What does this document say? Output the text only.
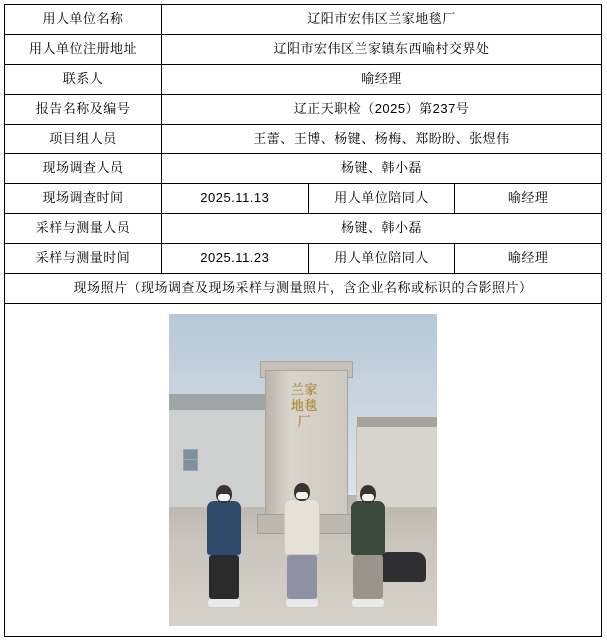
用人单位名称	辽阳市宏伟区兰家地毯厂		
用人单位注册地址	辽阳市宏伟区兰家镇东西喻村交界处		
联系人	喻经理		
报告名称及编号	辽正天职检（2025）第237号		
项目组人员	王蕾、王博、杨键、杨梅、郑盼盼、张煜伟		
现场调查人员	杨键、韩小磊		
现场调查时间	2025.11.13	用人单位陪同人	喻经理
采样与测量人员	杨键、韩小磊		
采样与测量时间	2025.11.23	用人单位陪同人	喻经理
现场照片（现场调查及现场采样与测量照片，含企业名称或标识的合影照片）			

兰家地毯厂			
